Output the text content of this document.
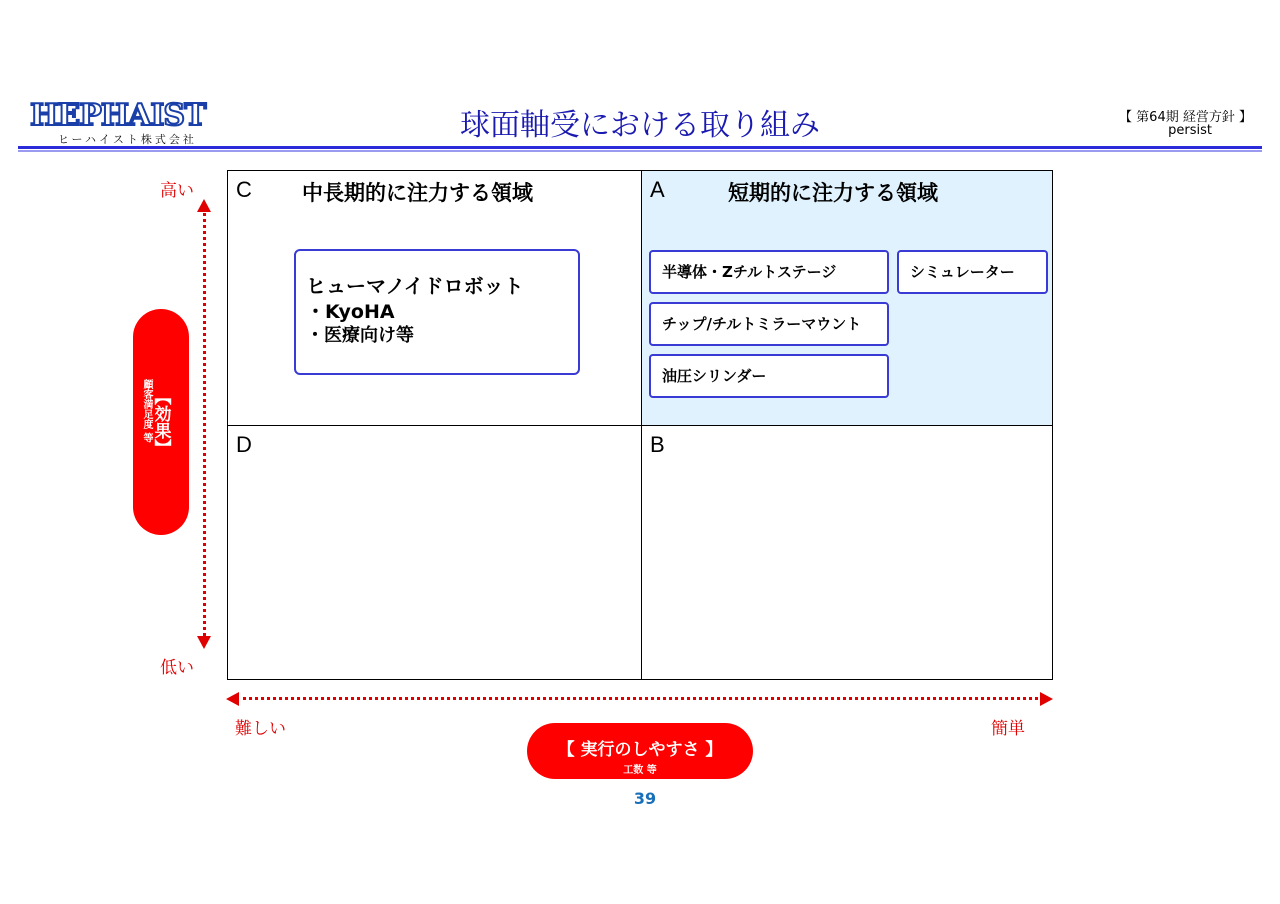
HEPHAIST
ヒーハイスト株式会社	球面軸受における取り組み	【 第64期 経営方針 】
persist
高い
低い
【効果】
顧客満足度 等
C 中長期的に注力する領域
ヒューマノイドロボット
・KyoHA
・医療向け等
A	短期的に注力する領域
半導体・Zチルトステージ	シミュレーター
チップ/チルトミラーマウント
油圧シリンダー
D	B
難しい	簡単
【 実行のしやすさ 】
工数 等
39
